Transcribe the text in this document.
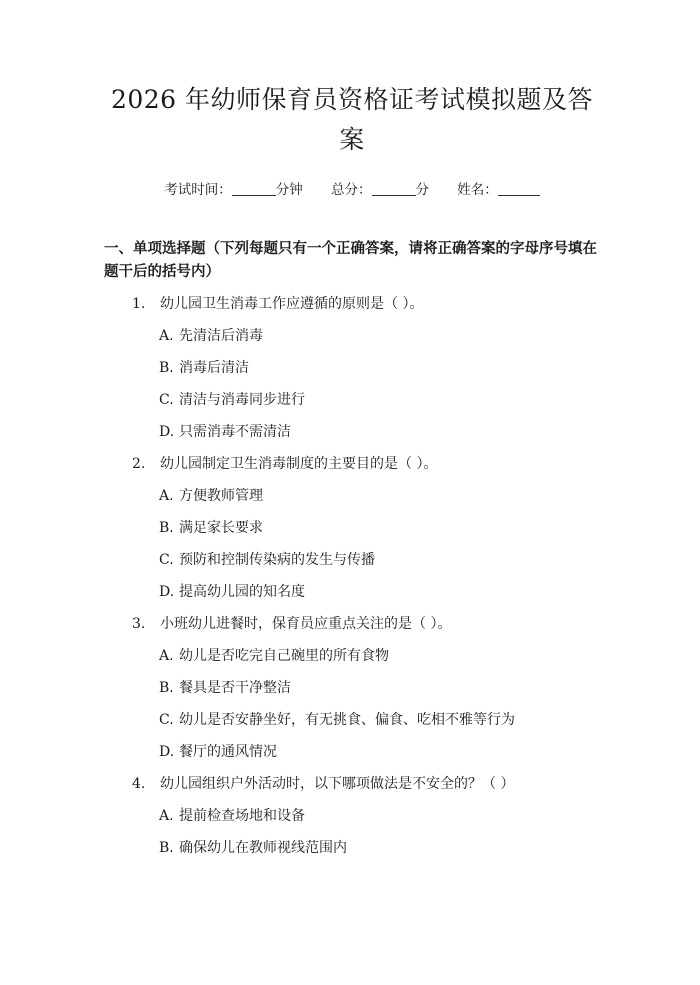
2026 年幼师保育员资格证考试模拟题及答案
考试时间：	分钟 总分：	分 姓名：
一、单项选择题（下列每题只有一个正确答案，请将正确答案的字母序号填在题干后的括号内）
1.	幼儿园卫生消毒工作应遵循的原则是（ ）。
A. 先清洁后消毒
B. 消毒后清洁
C. 清洁与消毒同步进行
D. 只需消毒不需清洁
2.	幼儿园制定卫生消毒制度的主要目的是（ ）。
A. 方便教师管理
B. 满足家长要求
C. 预防和控制传染病的发生与传播
D. 提高幼儿园的知名度
3.	小班幼儿进餐时，保育员应重点关注的是（ ）。
A. 幼儿是否吃完自己碗里的所有食物
B. 餐具是否干净整洁
C. 幼儿是否安静坐好，有无挑食、偏食、吃相不雅等行为
D. 餐厅的通风情况
4.	幼儿园组织户外活动时，以下哪项做法是不安全的？（ ）
A. 提前检查场地和设备
B. 确保幼儿在教师视线范围内
